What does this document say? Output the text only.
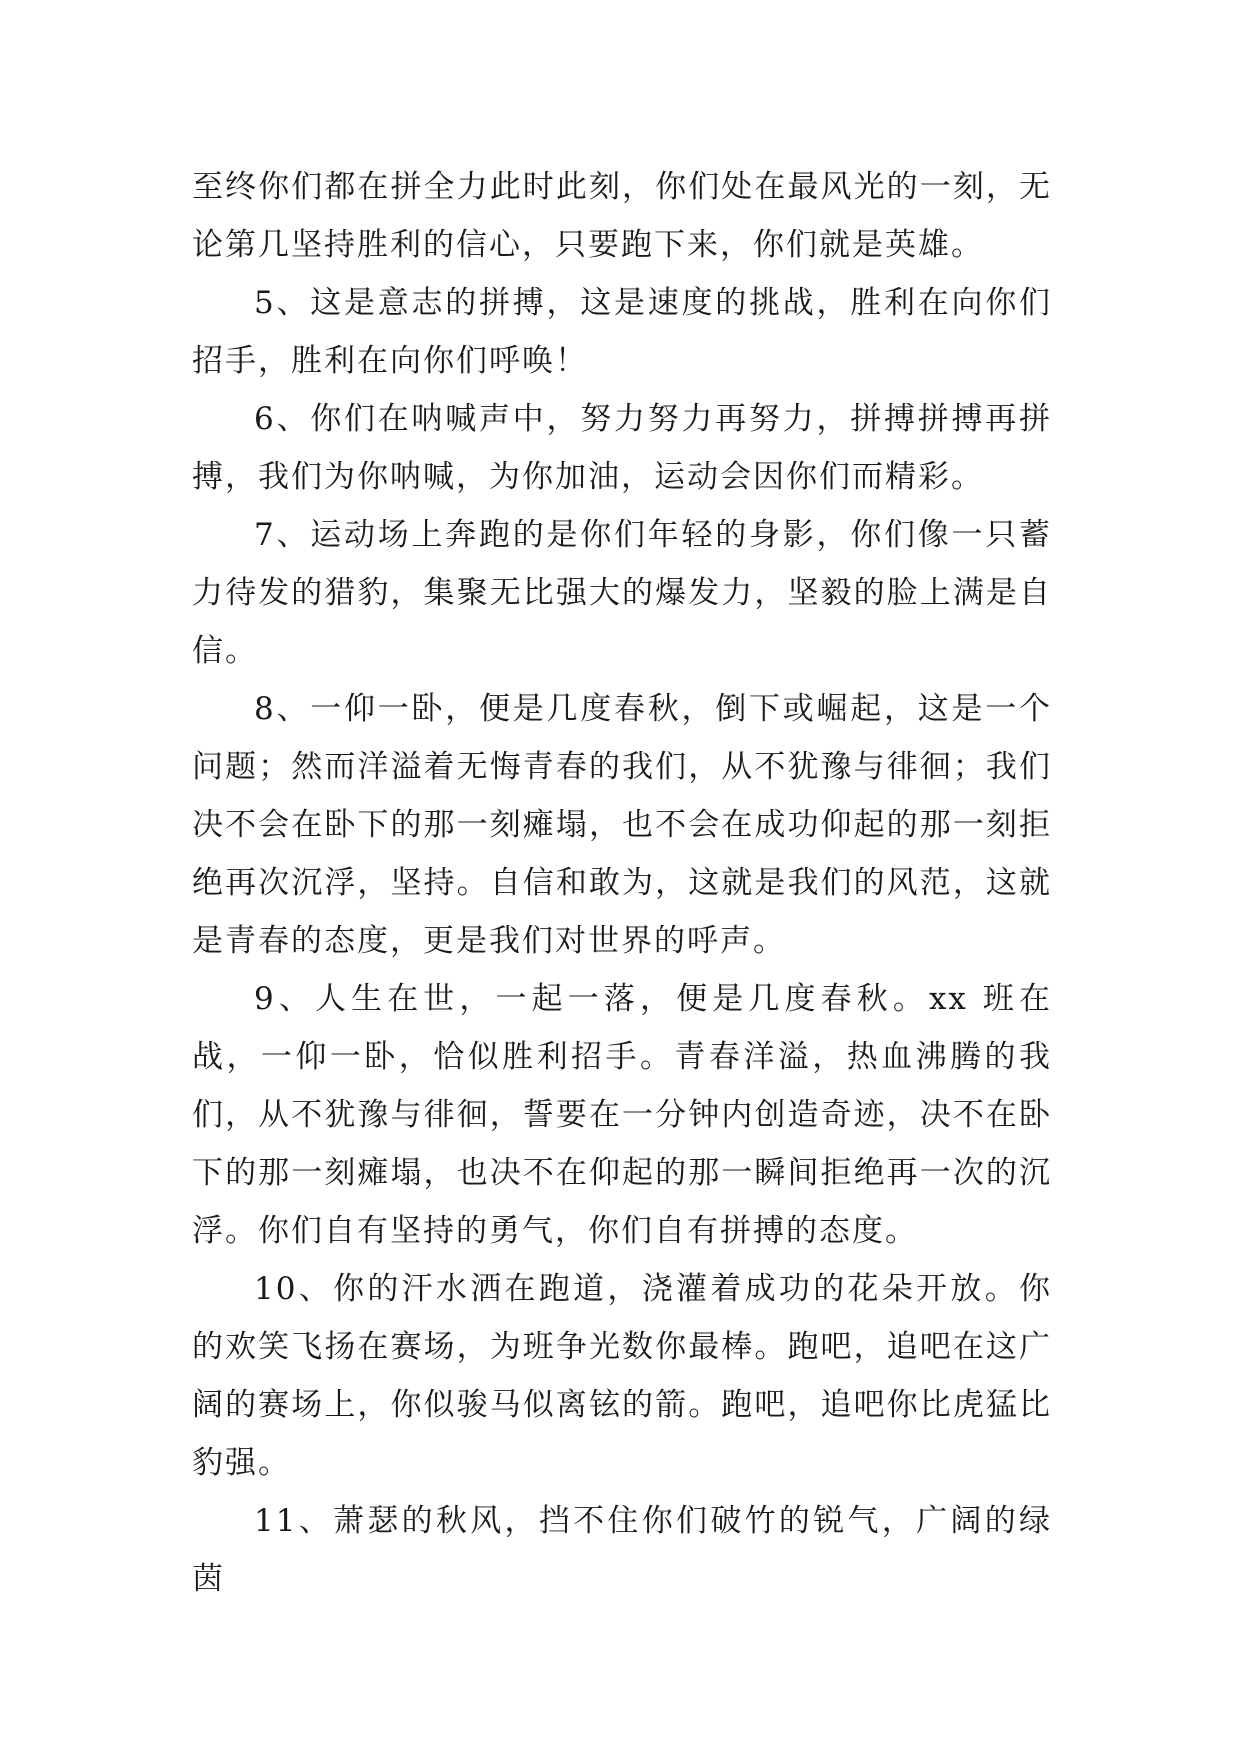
至终你们都在拼全力此时此刻，你们处在最风光的一刻，无论第几坚持胜利的信心，只要跑下来，你们就是英雄。

5、这是意志的拼搏，这是速度的挑战，胜利在向你们招手，胜利在向你们呼唤！

6、你们在呐喊声中，努力努力再努力，拼搏拼搏再拼搏，我们为你呐喊，为你加油，运动会因你们而精彩。

7、运动场上奔跑的是你们年轻的身影，你们像一只蓄力待发的猎豹，集聚无比强大的爆发力，坚毅的脸上满是自信。

8、一仰一卧，便是几度春秋，倒下或崛起，这是一个问题；然而洋溢着无悔青春的我们，从不犹豫与徘徊；我们决不会在卧下的那一刻瘫塌，也不会在成功仰起的那一刻拒绝再次沉浮，坚持。自信和敢为，这就是我们的风范，这就是青春的态度，更是我们对世界的呼声。

9、人生在世，一起一落，便是几度春秋。xx 班在战，一仰一卧，恰似胜利招手。青春洋溢，热血沸腾的我们，从不犹豫与徘徊，誓要在一分钟内创造奇迹，决不在卧下的那一刻瘫塌，也决不在仰起的那一瞬间拒绝再一次的沉浮。你们自有坚持的勇气，你们自有拼搏的态度。

10、你的汗水洒在跑道，浇灌着成功的花朵开放。你的欢笑飞扬在赛场，为班争光数你最棒。跑吧，追吧在这广阔的赛场上，你似骏马似离铉的箭。跑吧，追吧你比虎猛比豹强。

11、萧瑟的秋风，挡不住你们破竹的锐气，广阔的绿茵
